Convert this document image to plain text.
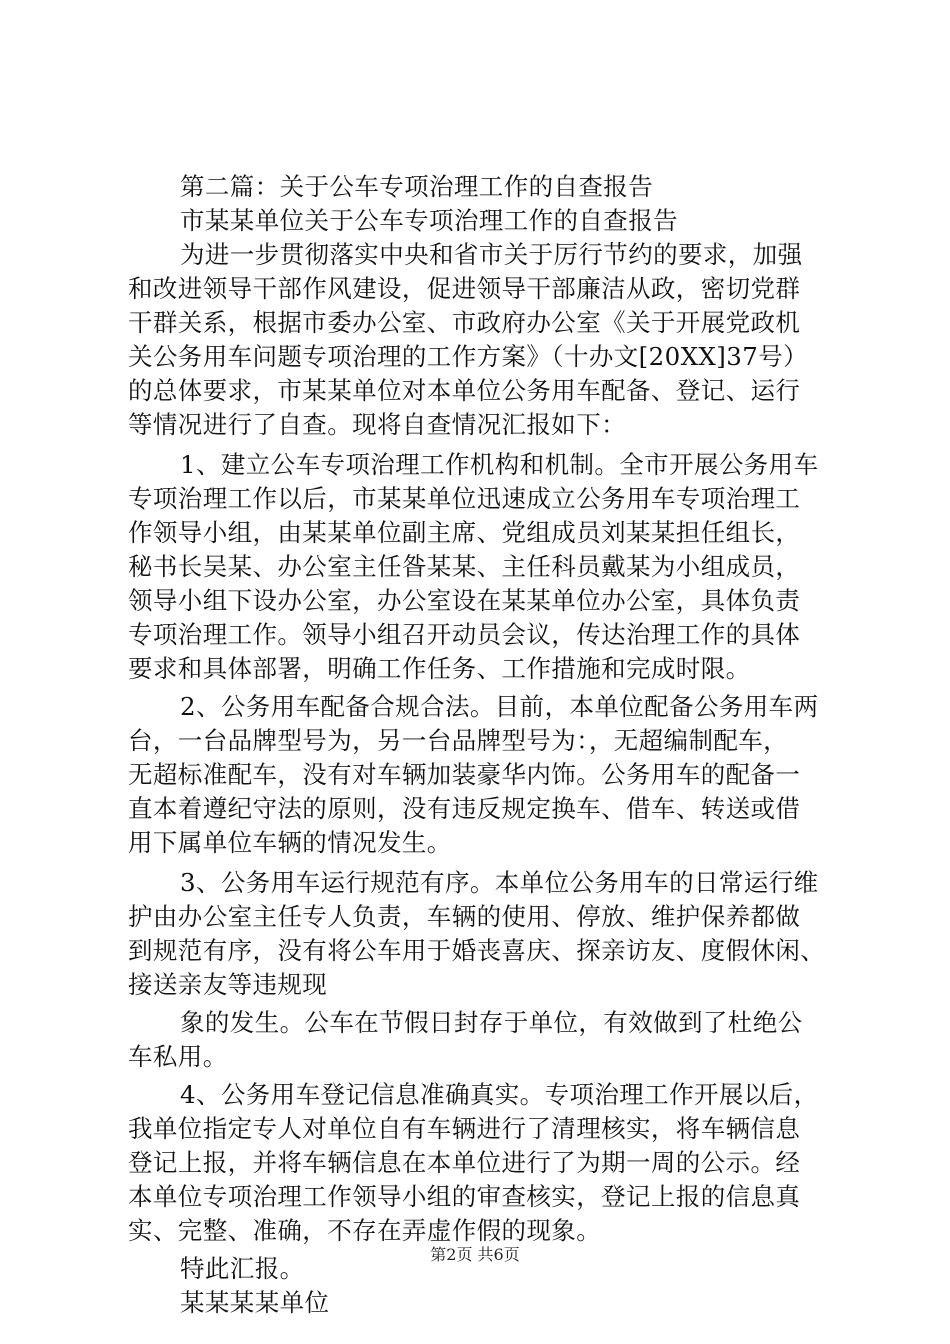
第二篇：关于公车专项治理工作的自查报告
市某某单位关于公车专项治理工作的自查报告
为进一步贯彻落实中央和省市关于厉行节约的要求，加强
和改进领导干部作风建设，促进领导干部廉洁从政，密切党群
干群关系，根据市委办公室、市政府办公室《关于开展党政机
关公务用车问题专项治理的工作方案》（十办文[20XX]37号）
的总体要求，市某某单位对本单位公务用车配备、登记、运行
等情况进行了自查。现将自查情况汇报如下：
1、建立公车专项治理工作机构和机制。全市开展公务用车
专项治理工作以后，市某某单位迅速成立公务用车专项治理工
作领导小组，由某某单位副主席、党组成员刘某某担任组长，
秘书长吴某、办公室主任昝某某、主任科员戴某为小组成员，
领导小组下设办公室，办公室设在某某单位办公室，具体负责
专项治理工作。领导小组召开动员会议，传达治理工作的具体
要求和具体部署，明确工作任务、工作措施和完成时限。
2、公务用车配备合规合法。目前，本单位配备公务用车两
台，一台品牌型号为，另一台品牌型号为：，无超编制配车，
无超标准配车，没有对车辆加装豪华内饰。公务用车的配备一
直本着遵纪守法的原则，没有违反规定换车、借车、转送或借
用下属单位车辆的情况发生。
3、公务用车运行规范有序。本单位公务用车的日常运行维
护由办公室主任专人负责，车辆的使用、停放、维护保养都做
到规范有序，没有将公车用于婚丧喜庆、探亲访友、度假休闲、
接送亲友等违规现
象的发生。公车在节假日封存于单位，有效做到了杜绝公
车私用。
4、公务用车登记信息准确真实。专项治理工作开展以后，
我单位指定专人对单位自有车辆进行了清理核实，将车辆信息
登记上报，并将车辆信息在本单位进行了为期一周的公示。经
本单位专项治理工作领导小组的审查核实，登记上报的信息真
实、完整、准确，不存在弄虚作假的现象。
特此汇报。
某某某某单位
第2页 共6页
